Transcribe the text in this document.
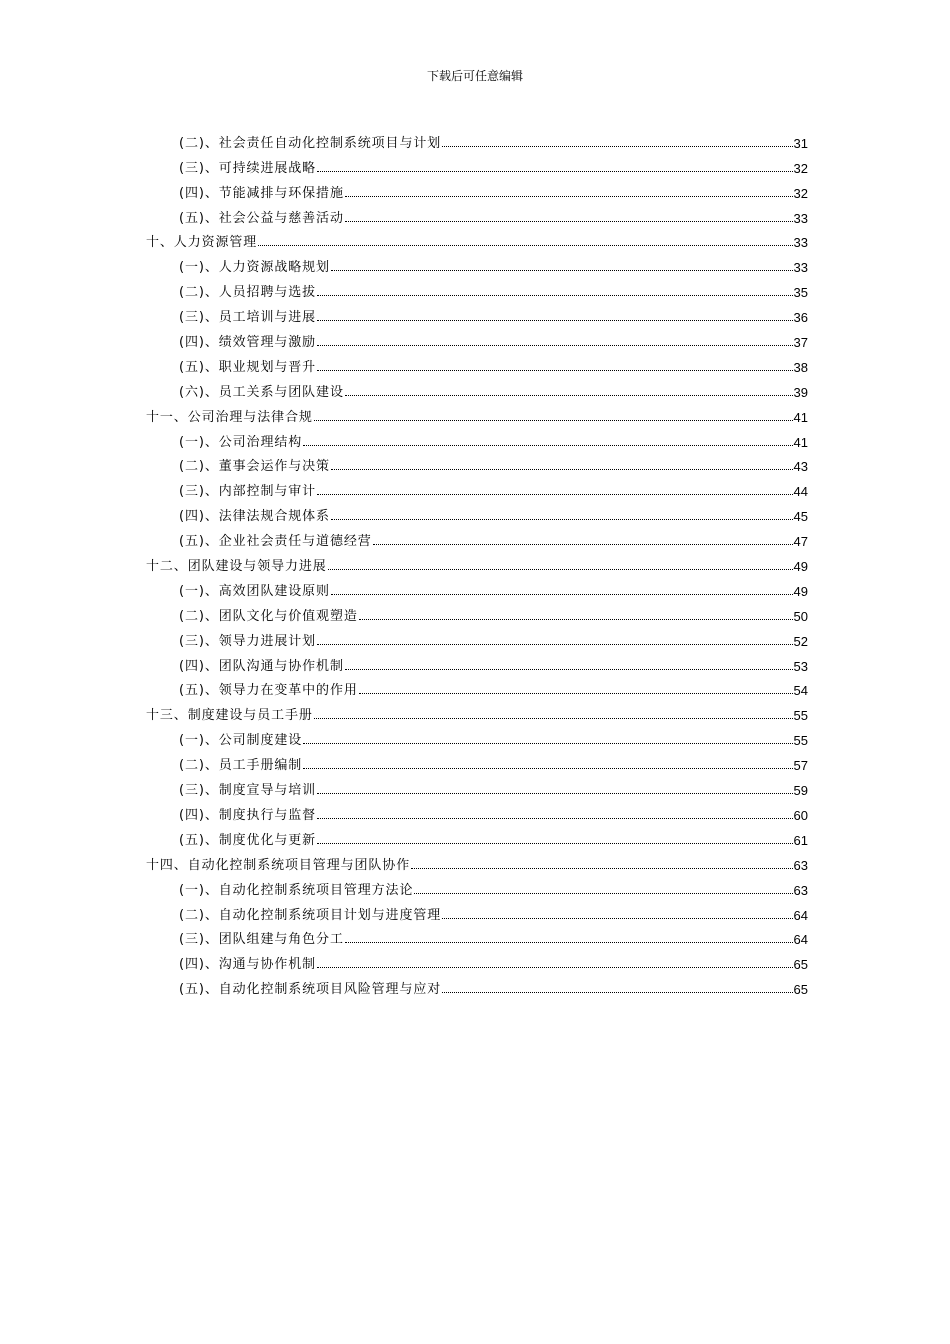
下载后可任意编辑
(二)、社会责任自动化控制系统项目与计划	31
(三)、可持续进展战略	32
(四)、节能减排与环保措施	32
(五)、社会公益与慈善活动	33
十、人力资源管理	33
(一)、人力资源战略规划	33
(二)、人员招聘与选拔	35
(三)、员工培训与进展	36
(四)、绩效管理与激励	37
(五)、职业规划与晋升	38
(六)、员工关系与团队建设	39
十一、公司治理与法律合规	41
(一)、公司治理结构	41
(二)、董事会运作与决策	43
(三)、内部控制与审计	44
(四)、法律法规合规体系	45
(五)、企业社会责任与道德经营	47
十二、团队建设与领导力进展	49
(一)、高效团队建设原则	49
(二)、团队文化与价值观塑造	50
(三)、领导力进展计划	52
(四)、团队沟通与协作机制	53
(五)、领导力在变革中的作用	54
十三、制度建设与员工手册	55
(一)、公司制度建设	55
(二)、员工手册编制	57
(三)、制度宣导与培训	59
(四)、制度执行与监督	60
(五)、制度优化与更新	61
十四、自动化控制系统项目管理与团队协作	63
(一)、自动化控制系统项目管理方法论	63
(二)、自动化控制系统项目计划与进度管理	64
(三)、团队组建与角色分工	64
(四)、沟通与协作机制	65
(五)、自动化控制系统项目风险管理与应对	65
